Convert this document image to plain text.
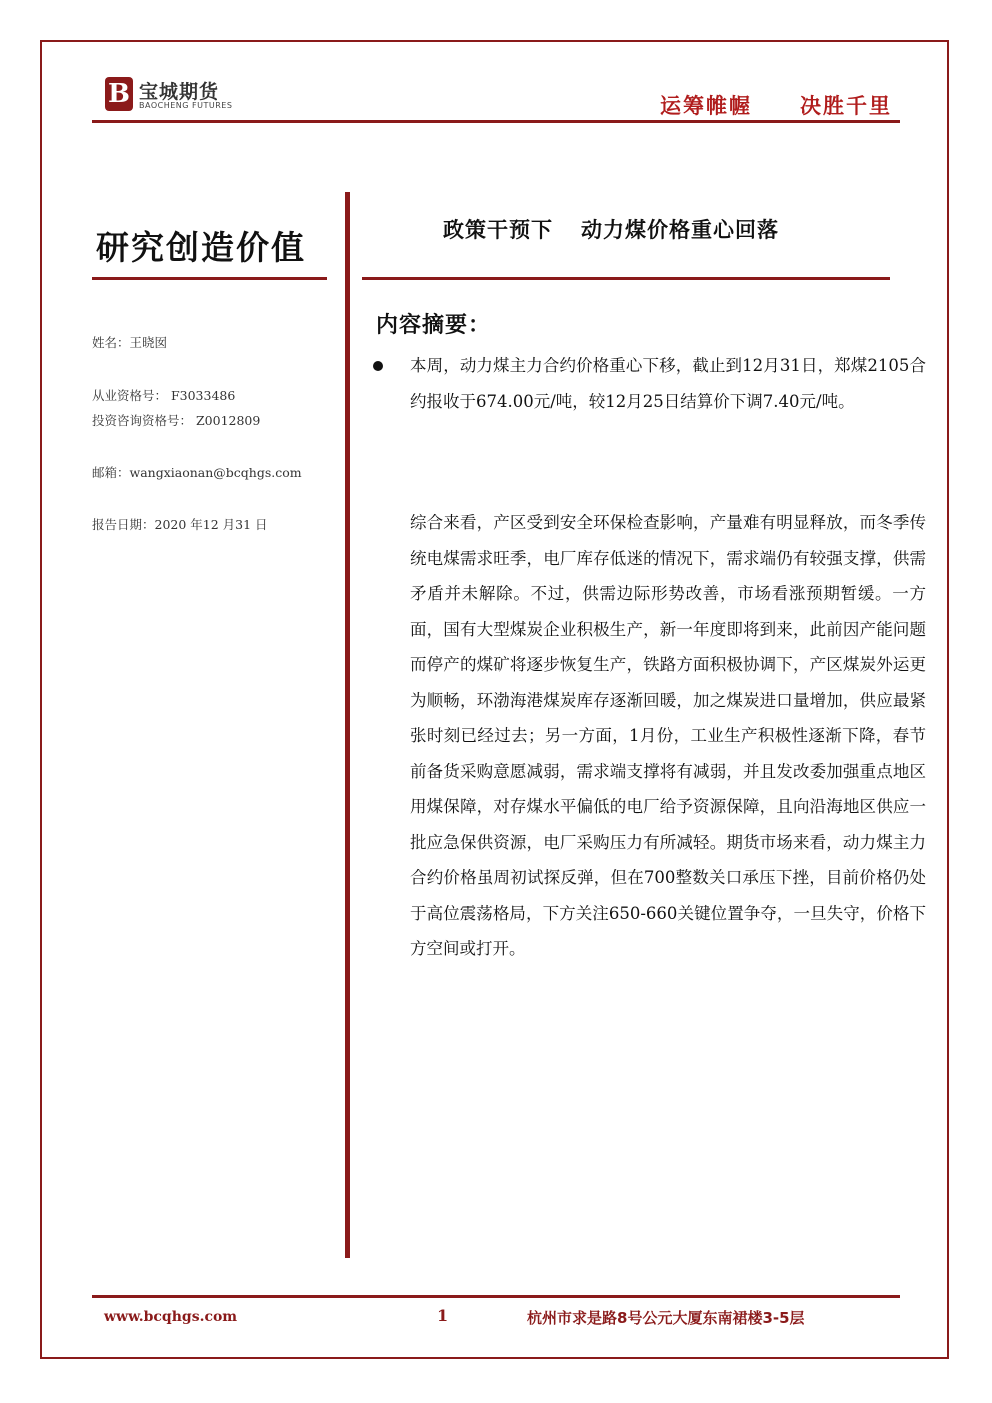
B 宝城期货
BAOCHENG FUTURES	运筹帷幄 决胜千里
研究创造价值
姓名：王晓囡
从业资格号： F3033486
投资咨询资格号： Z0012809
邮箱：wangxiaonan@bcqhgs.com
报告日期：2020 年12 月31 日
政策干预下 动力煤价格重心回落
内容摘要：
本周，动力煤主力合约价格重心下移，截止到12月31日，郑煤2105合约报收于674.00元/吨，较12月25日结算价下调7.40元/吨。
综合来看，产区受到安全环保检查影响，产量难有明显释放，而冬季传统电煤需求旺季，电厂库存低迷的情况下，需求端仍有较强支撑，供需矛盾并未解除。不过，供需边际形势改善，市场看涨预期暂缓。一方面，国有大型煤炭企业积极生产，新一年度即将到来，此前因产能问题而停产的煤矿将逐步恢复生产，铁路方面积极协调下，产区煤炭外运更为顺畅，环渤海港煤炭库存逐渐回暖，加之煤炭进口量增加，供应最紧张时刻已经过去；另一方面，1月份，工业生产积极性逐渐下降，春节前备货采购意愿减弱，需求端支撑将有减弱，并且发改委加强重点地区用煤保障，对存煤水平偏低的电厂给予资源保障，且向沿海地区供应一批应急保供资源，电厂采购压力有所减轻。期货市场来看，动力煤主力合约价格虽周初试探反弹，但在700整数关口承压下挫，目前价格仍处于高位震荡格局，下方关注650-660关键位置争夺，一旦失守，价格下方空间或打开。
www.bcqhgs.com	1	杭州市求是路8号公元大厦东南裙楼3-5层
